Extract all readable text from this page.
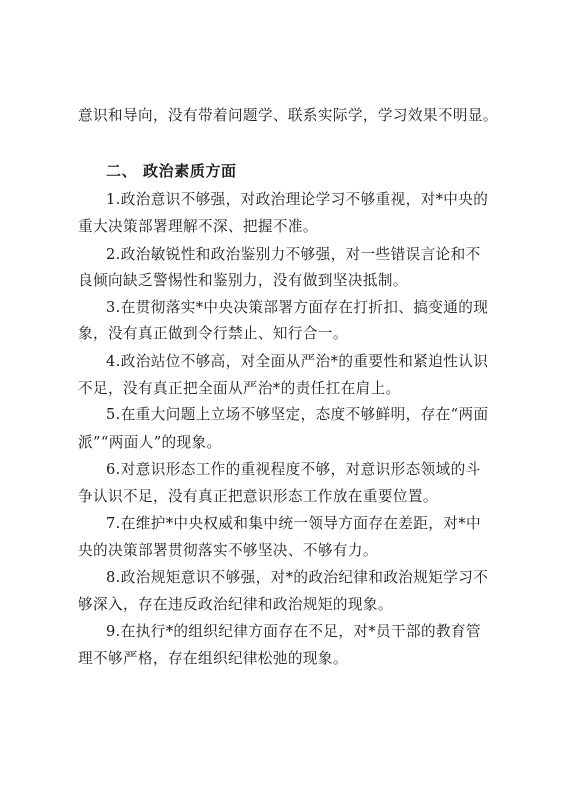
意识和导向，没有带着问题学、联系实际学，学习效果不明显。
二、 政治素质方面
1.政治意识不够强，对政治理论学习不够重视，对*中央的
重大决策部署理解不深、把握不准。
2.政治敏锐性和政治鉴别力不够强，对一些错误言论和不
良倾向缺乏警惕性和鉴别力，没有做到坚决抵制。
3.在贯彻落实*中央决策部署方面存在打折扣、搞变通的现
象，没有真正做到令行禁止、知行合一。
4.政治站位不够高，对全面从严治*的重要性和紧迫性认识
不足，没有真正把全面从严治*的责任扛在肩上。
5.在重大问题上立场不够坚定，态度不够鲜明，存在“两面
派”“两面人”的现象。
6.对意识形态工作的重视程度不够，对意识形态领域的斗
争认识不足，没有真正把意识形态工作放在重要位置。
7.在维护*中央权威和集中统一领导方面存在差距，对*中
央的决策部署贯彻落实不够坚决、不够有力。
8.政治规矩意识不够强，对*的政治纪律和政治规矩学习不
够深入，存在违反政治纪律和政治规矩的现象。
9.在执行*的组织纪律方面存在不足，对*员干部的教育管
理不够严格，存在组织纪律松弛的现象。
